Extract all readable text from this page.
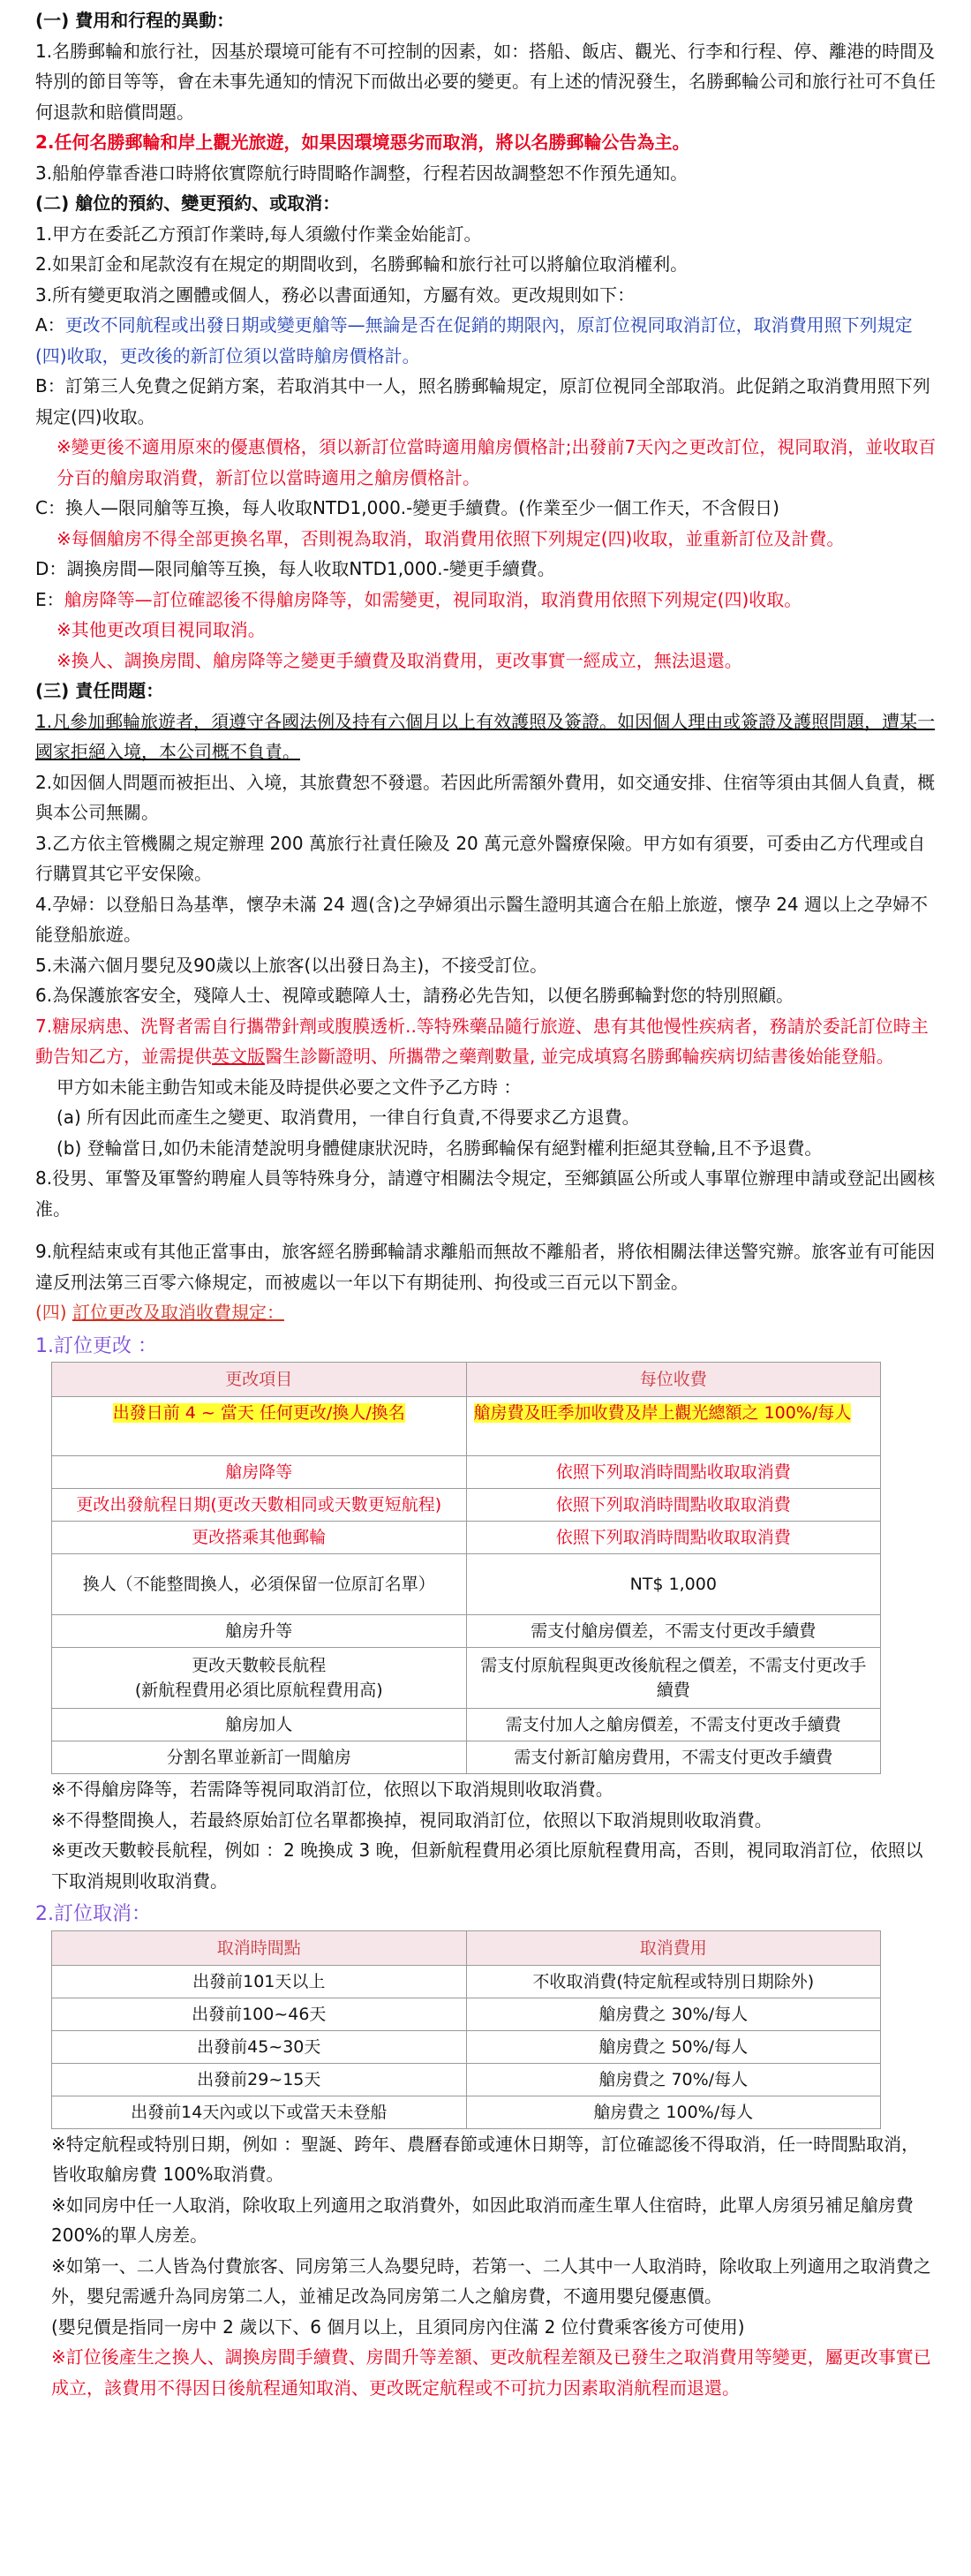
(一) 費用和行程的異動：

1.名勝郵輪和旅行社，因基於環境可能有不可控制的因素，如：搭船、飯店、觀光、行李和行程、停、離港的時間及特別的節目等等，會在未事先通知的情況下而做出必要的變更。有上述的情況發生，名勝郵輪公司和旅行社可不負任何退款和賠償問題。

2.任何名勝郵輪和岸上觀光旅遊，如果因環境惡劣而取消，將以名勝郵輪公告為主。

3.船舶停靠香港口時將依實際航行時間略作調整，行程若因故調整恕不作預先通知。

(二) 艙位的預約、變更預約、或取消：

1.甲方在委託乙方預訂作業時,每人須繳付作業金始能訂。

2.如果訂金和尾款沒有在規定的期間收到，名勝郵輪和旅行社可以將艙位取消權利。

3.所有變更取消之團體或個人，務必以書面通知，方屬有效。更改規則如下：

A：更改不同航程或出發日期或變更艙等—無論是否在促銷的期限內，原訂位視同取消訂位，取消費用照下列規定(四)收取，更改後的新訂位須以當時艙房價格計。

B：訂第三人免費之促銷方案，若取消其中一人，照名勝郵輪規定，原訂位視同全部取消。此促銷之取消費用照下列規定(四)收取。

※變更後不適用原來的優惠價格，須以新訂位當時適用艙房價格計;出發前7天內之更改訂位，視同取消，並收取百分百的艙房取消費，新訂位以當時適用之艙房價格計。

C：換人—限同艙等互換，每人收取NTD1,000.-變更手續費。(作業至少一個工作天，不含假日)

※每個艙房不得全部更換名單，否則視為取消，取消費用依照下列規定(四)收取，並重新訂位及計費。

D：調換房間—限同艙等互換，每人收取NTD1,000.-變更手續費。

E：艙房降等—訂位確認後不得艙房降等，如需變更，視同取消，取消費用依照下列規定(四)收取。

※其他更改項目視同取消。

※換人、調換房間、艙房降等之變更手續費及取消費用，更改事實一經成立，無法退還。

(三) 責任問題：

1.凡參加郵輪旅遊者，須遵守各國法例及持有六個月以上有效護照及簽證。如因個人理由或簽證及護照問題，遭某一國家拒絕入境，本公司概不負責。

2.如因個人問題而被拒出、入境，其旅費恕不發還。若因此所需額外費用，如交通安排、住宿等須由其個人負責，概與本公司無關。

3.乙方依主管機關之規定辦理 200 萬旅行社責任險及 20 萬元意外醫療保險。甲方如有須要，可委由乙方代理或自行購買其它平安保險。

4.孕婦：以登船日為基準，懷孕未滿 24 週(含)之孕婦須出示醫生證明其適合在船上旅遊，懷孕 24 週以上之孕婦不能登船旅遊。

5.未滿六個月嬰兒及90歲以上旅客(以出發日為主)，不接受訂位。

6.為保護旅客安全，殘障人士、視障或聽障人士，請務必先告知，以便名勝郵輪對您的特別照顧。

7.糖尿病患、洗腎者需自行攜帶針劑或腹膜透析..等特殊藥品隨行旅遊、患有其他慢性疾病者，務請於委託訂位時主動告知乙方，並需提供英文版醫生診斷證明、所攜帶之藥劑數量, 並完成填寫名勝郵輪疾病切結書後始能登船。

甲方如未能主動告知或未能及時提供必要之文件予乙方時 ：

(a) 所有因此而產生之變更、取消費用，一律自行負責,不得要求乙方退費。

(b) 登輪當日,如仍未能清楚說明身體健康狀況時，名勝郵輪保有絕對權利拒絕其登輪,且不予退費。

8.役男、軍警及軍警約聘雇人員等特殊身分，請遵守相關法令規定，至鄉鎮區公所或人事單位辦理申請或登記出國核准。

9.航程結束或有其他正當事由，旅客經名勝郵輪請求離船而無故不離船者，將依相關法律送警究辦。旅客並有可能因違反刑法第三百零六條規定，而被處以一年以下有期徒刑、拘役或三百元以下罰金。

(四) 訂位更改及取消收費規定：

1.訂位更改 ：

更改項目	每位收費
出發日前 4 ~ 當天 任何更改/換人/換名	艙房費及旺季加收費及岸上觀光總額之 100%/每人
艙房降等	依照下列取消時間點收取取消費
更改出發航程日期(更改天數相同或天數更短航程)	依照下列取消時間點收取取消費
更改搭乘其他郵輪	依照下列取消時間點收取取消費
換人（不能整間換人，必須保留一位原訂名單）	NT$ 1,000
艙房升等	需支付艙房價差，不需支付更改手續費
更改天數較長航程
(新航程費用必須比原航程費用高)	需支付原航程與更改後航程之價差，不需支付更改手續費
艙房加人	需支付加人之艙房價差，不需支付更改手續費
分割名單並新訂一間艙房	需支付新訂艙房費用，不需支付更改手續費

※不得艙房降等，若需降等視同取消訂位，依照以下取消規則收取消費。

※不得整間換人，若最終原始訂位名單都換掉，視同取消訂位，依照以下取消規則收取消費。

※更改天數較長航程，例如 ：2 晚換成 3 晚，但新航程費用必須比原航程費用高，否則，視同取消訂位，依照以下取消規則收取消費。

2.訂位取消：

取消時間點	取消費用
出發前101天以上	不收取消費(特定航程或特別日期除外)
出發前100~46天	艙房費之 30%/每人
出發前45~30天	艙房費之 50%/每人
出發前29~15天	艙房費之 70%/每人
出發前14天內或以下或當天未登船	艙房費之 100%/每人

※特定航程或特別日期，例如 ：聖誕、跨年、農曆春節或連休日期等，訂位確認後不得取消，任一時間點取消，皆收取艙房費 100%取消費。

※如同房中任一人取消，除收取上列適用之取消費外，如因此取消而產生單人住宿時，此單人房須另補足艙房費 200%的單人房差。

※如第一、二人皆為付費旅客、同房第三人為嬰兒時，若第一、二人其中一人取消時，除收取上列適用之取消費之外，嬰兒需遞升為同房第二人，並補足改為同房第二人之艙房費，不適用嬰兒優惠價。

(嬰兒價是指同一房中 2 歲以下、6 個月以上，且須同房內住滿 2 位付費乘客後方可使用)

※訂位後產生之換人、調換房間手續費、房間升等差額、更改航程差額及已發生之取消費用等變更，屬更改事實已成立，該費用不得因日後航程通知取消、更改既定航程或不可抗力因素取消航程而退還。
